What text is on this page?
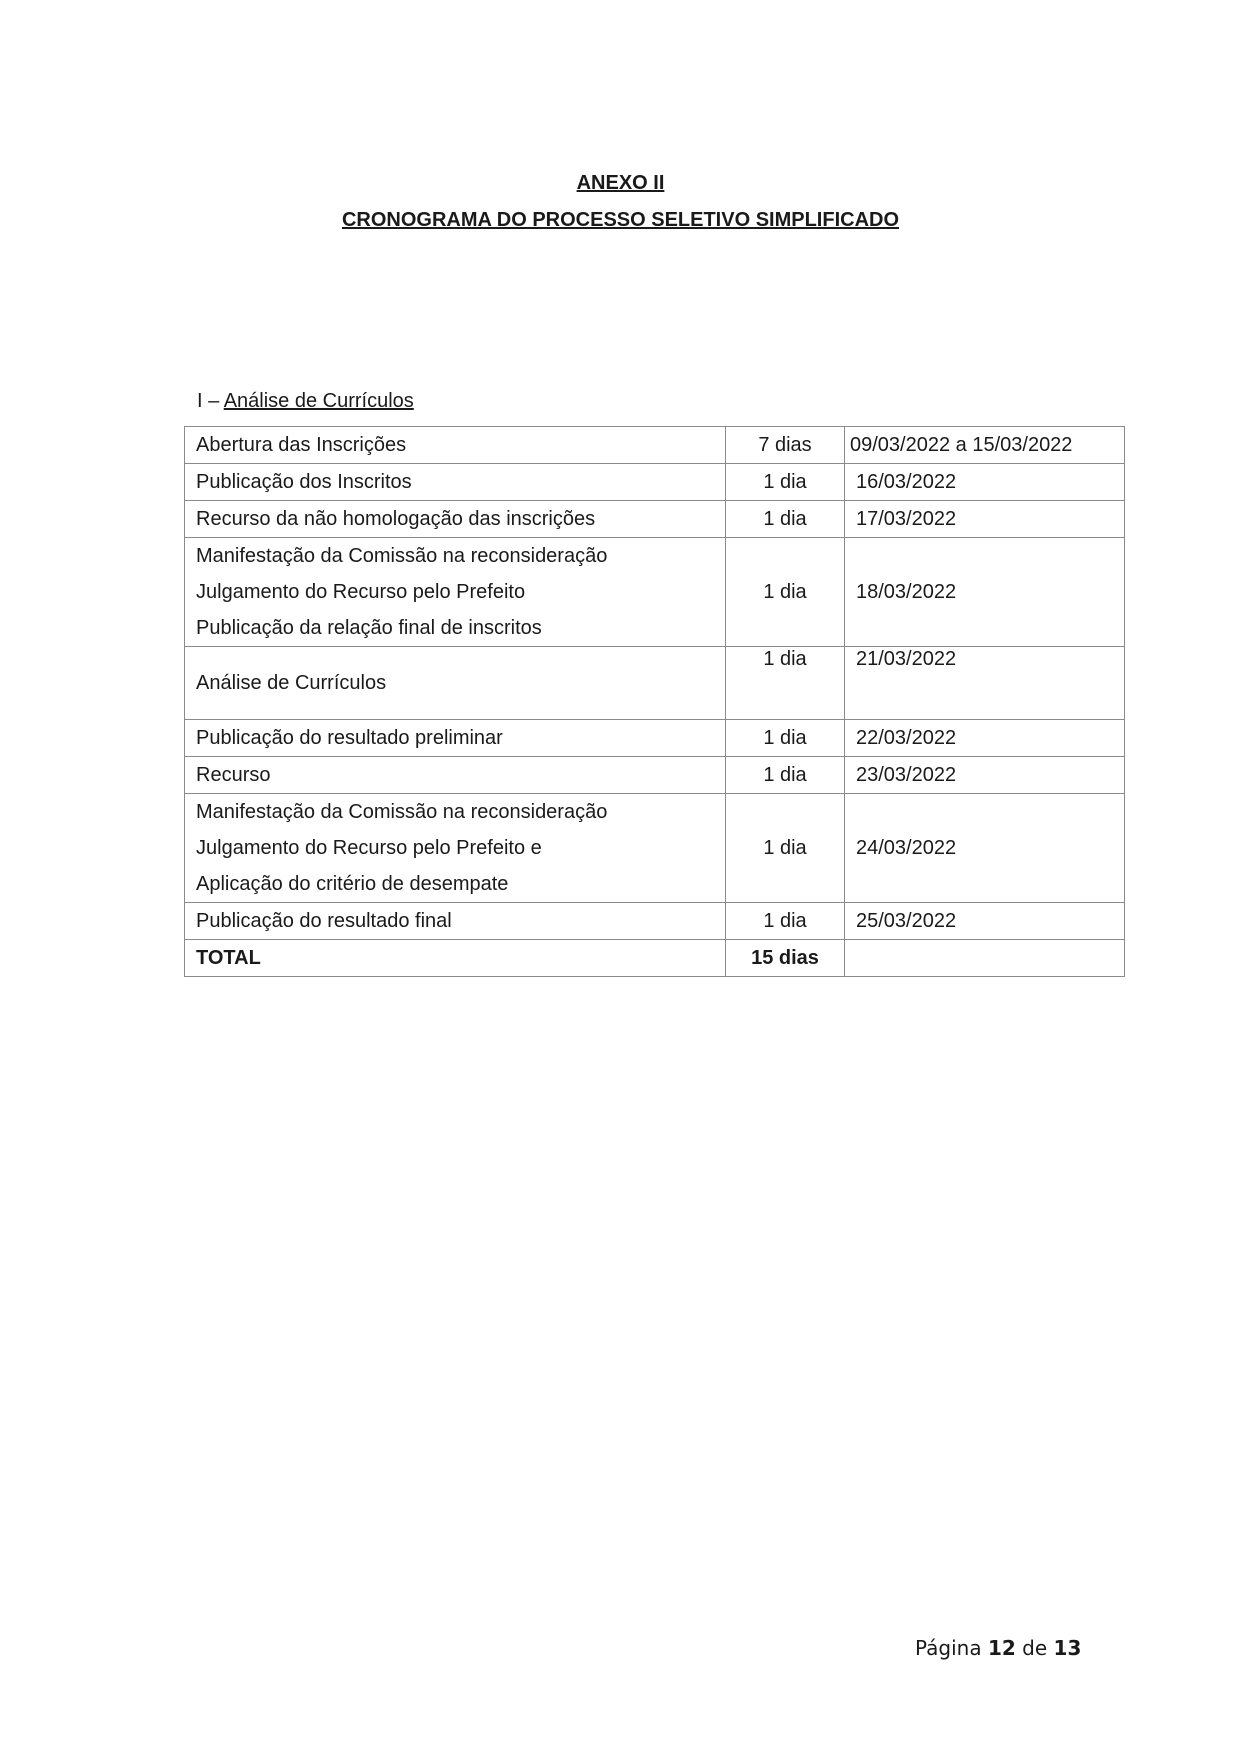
ANEXO II
CRONOGRAMA DO PROCESSO SELETIVO SIMPLIFICADO
I – Análise de Currículos
Abertura das Inscrições	7 dias	09/03/2022 a 15/03/2022

Publicação dos Inscritos	1 dia	16/03/2022

Recurso da não homologação das inscrições	1 dia	17/03/2022

Manifestação da Comissão na reconsideração
Julgamento do Recurso pelo Prefeito
Publicação da relação final de inscritos	1 dia	18/03/2022

Análise de Currículos	1 dia	21/03/2022

Publicação do resultado preliminar	1 dia	22/03/2022

Recurso	1 dia	23/03/2022

Manifestação da Comissão na reconsideração
Julgamento do Recurso pelo Prefeito e
Aplicação do critério de desempate	1 dia	24/03/2022

Publicação do resultado final	1 dia	25/03/2022

TOTAL	15 dias	

Página 12 de 13
